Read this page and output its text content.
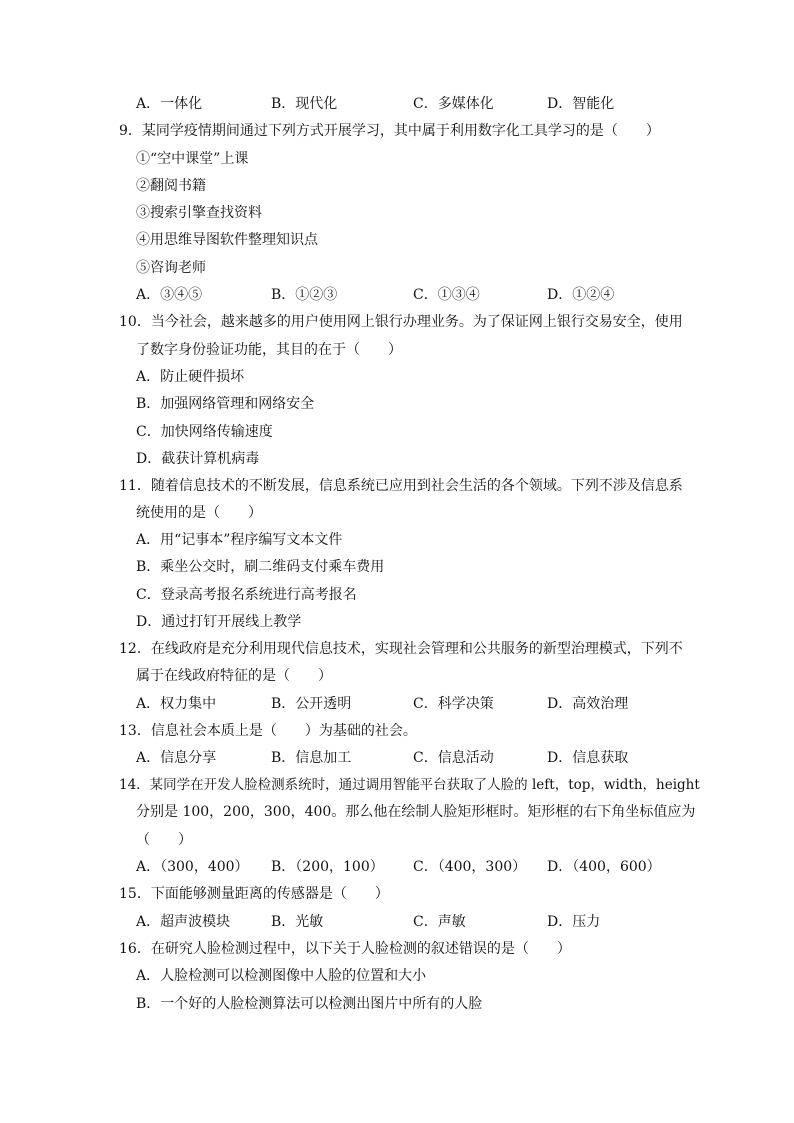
A．一体化	B．现代化	C．多媒体化	D．智能化
9．某同学疫情期间通过下列方式开展学习，其中属于利用数字化工具学习的是（　　）
①“空中课堂”上课
②翻阅书籍
③搜索引擎查找资料
④用思维导图软件整理知识点
⑤咨询老师
A．③④⑤	B．①②③	C．①③④	D．①②④
10．当今社会，越来越多的用户使用网上银行办理业务。为了保证网上银行交易安全，使用
了数字身份验证功能，其目的在于（　　）
A．防止硬件损坏
B．加强网络管理和网络安全
C．加快网络传输速度
D．截获计算机病毒
11．随着信息技术的不断发展，信息系统已应用到社会生活的各个领域。下列不涉及信息系
统使用的是（　　）
A．用“记事本”程序编写文本文件
B．乘坐公交时，刷二维码支付乘车费用
C．登录高考报名系统进行高考报名
D．通过打钉开展线上教学
12．在线政府是充分利用现代信息技术，实现社会管理和公共服务的新型治理模式，下列不
属于在线政府特征的是（　　）
A．权力集中	B．公开透明	C．科学决策	D．高效治理
13．信息社会本质上是（　　）为基础的社会。
A．信息分享	B．信息加工	C．信息活动	D．信息获取
14．某同学在开发人脸检测系统时，通过调用智能平台获取了人脸的 left，top，width，height
分别是 100，200，300，400。那么他在绘制人脸矩形框时。矩形框的右下角坐标值应为
（　　）
A．（300，400） B．（200，100） C．（400，300） D．（400，600）
15．下面能够测量距离的传感器是（　　）
A．超声波模块	B．光敏	C．声敏	D．压力
16．在研究人脸检测过程中，以下关于人脸检测的叙述错误的是（　　）
A．人脸检测可以检测图像中人脸的位置和大小
B．一个好的人脸检测算法可以检测出图片中所有的人脸
